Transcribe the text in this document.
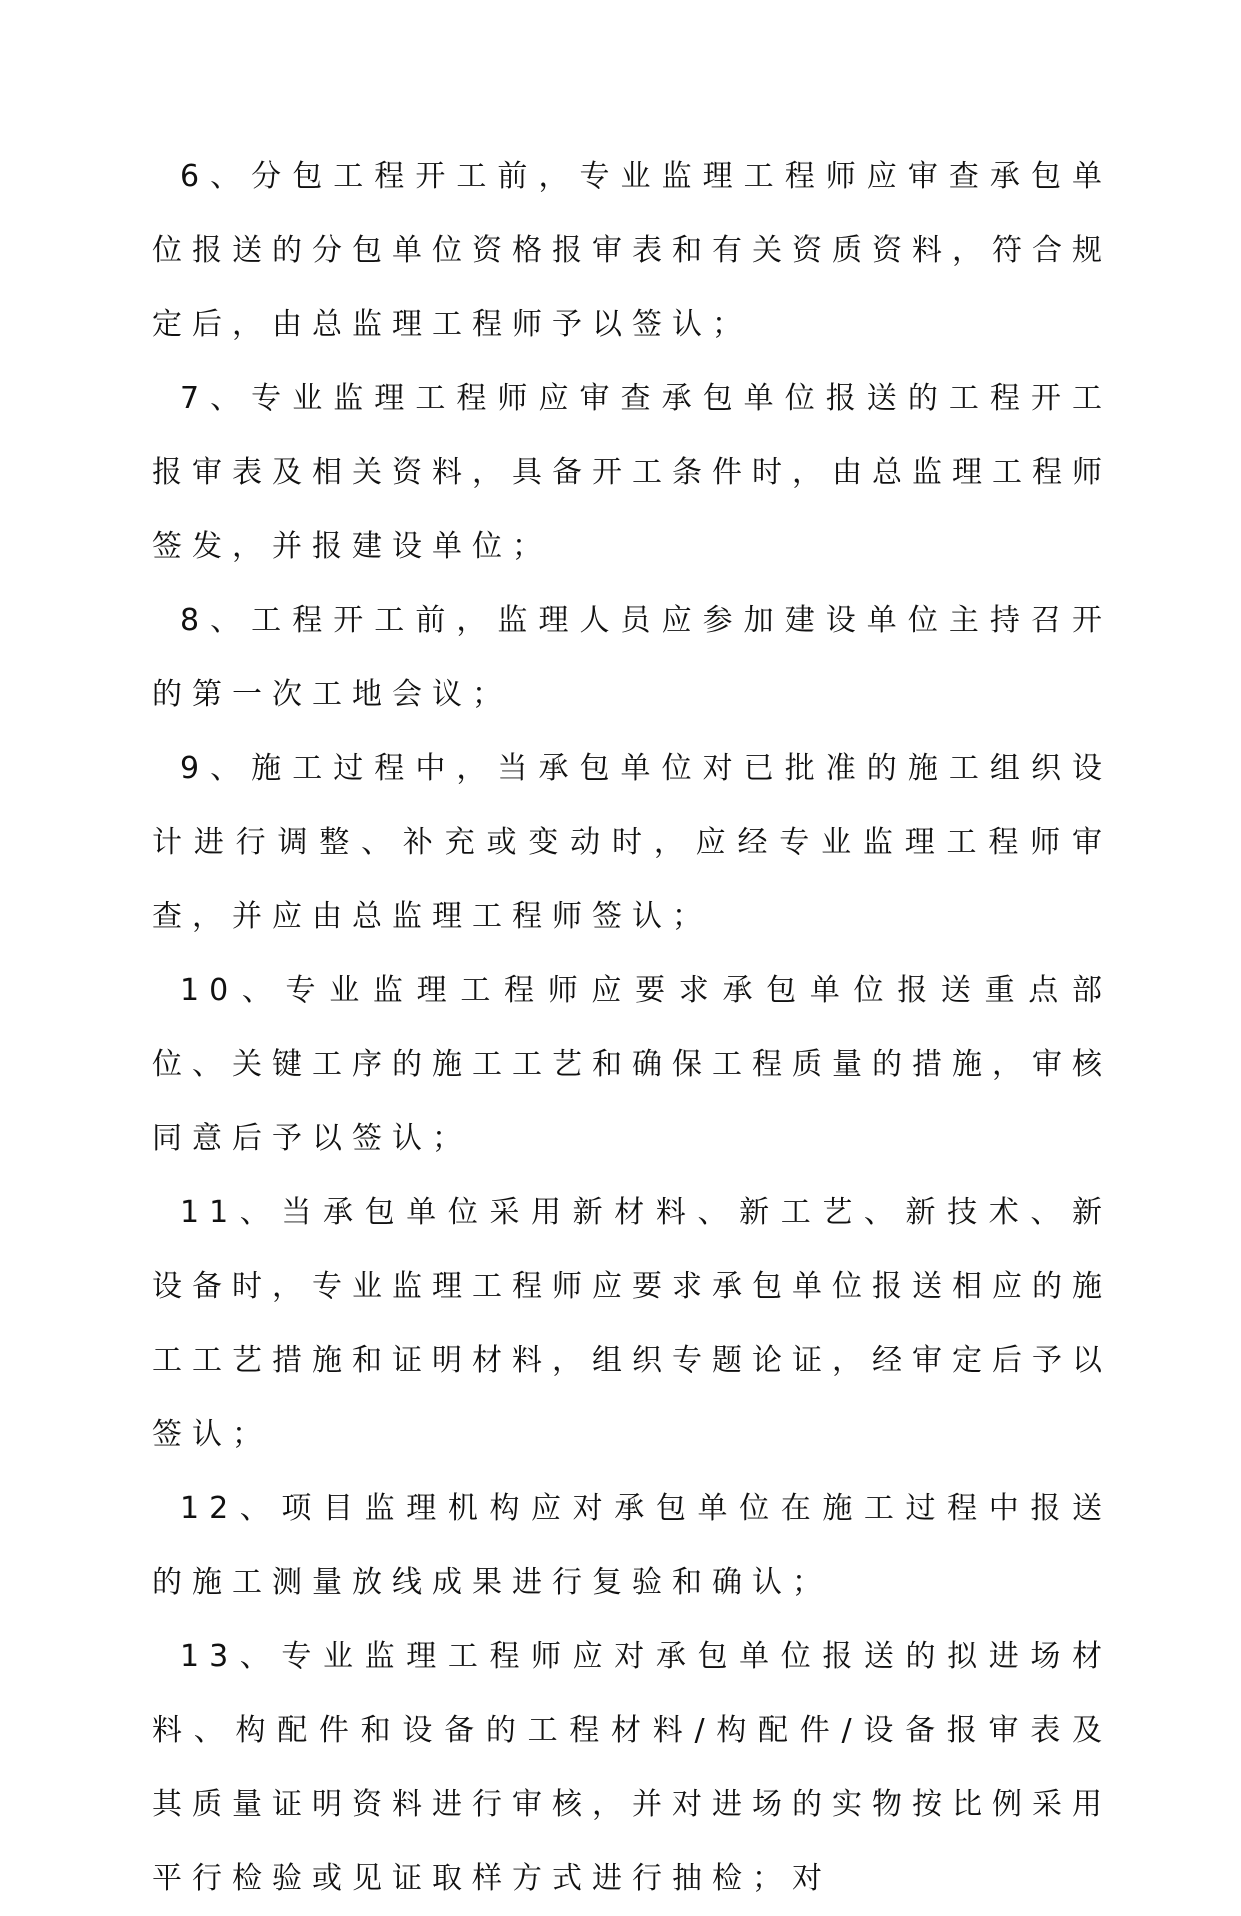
6、分包工程开工前，专业监理工程师应审查承包单位报送的分包单位资格报审表和有关资质资料，符合规定后，由总监理工程师予以签认；

7、专业监理工程师应审查承包单位报送的工程开工报审表及相关资料，具备开工条件时，由总监理工程师签发，并报建设单位；

8、工程开工前，监理人员应参加建设单位主持召开的第一次工地会议；

9、施工过程中，当承包单位对已批准的施工组织设计进行调整、补充或变动时，应经专业监理工程师审查，并应由总监理工程师签认；

10、专业监理工程师应要求承包单位报送重点部位、关键工序的施工工艺和确保工程质量的措施，审核同意后予以签认；

11、当承包单位采用新材料、新工艺、新技术、新设备时，专业监理工程师应要求承包单位报送相应的施工工艺措施和证明材料，组织专题论证，经审定后予以签认；

12、项目监理机构应对承包单位在施工过程中报送的施工测量放线成果进行复验和确认；

13、专业监理工程师应对承包单位报送的拟进场材料、构配件和设备的工程材料/构配件/设备报审表及其质量证明资料进行审核，并对进场的实物按比例采用平行检验或见证取样方式进行抽检；对
